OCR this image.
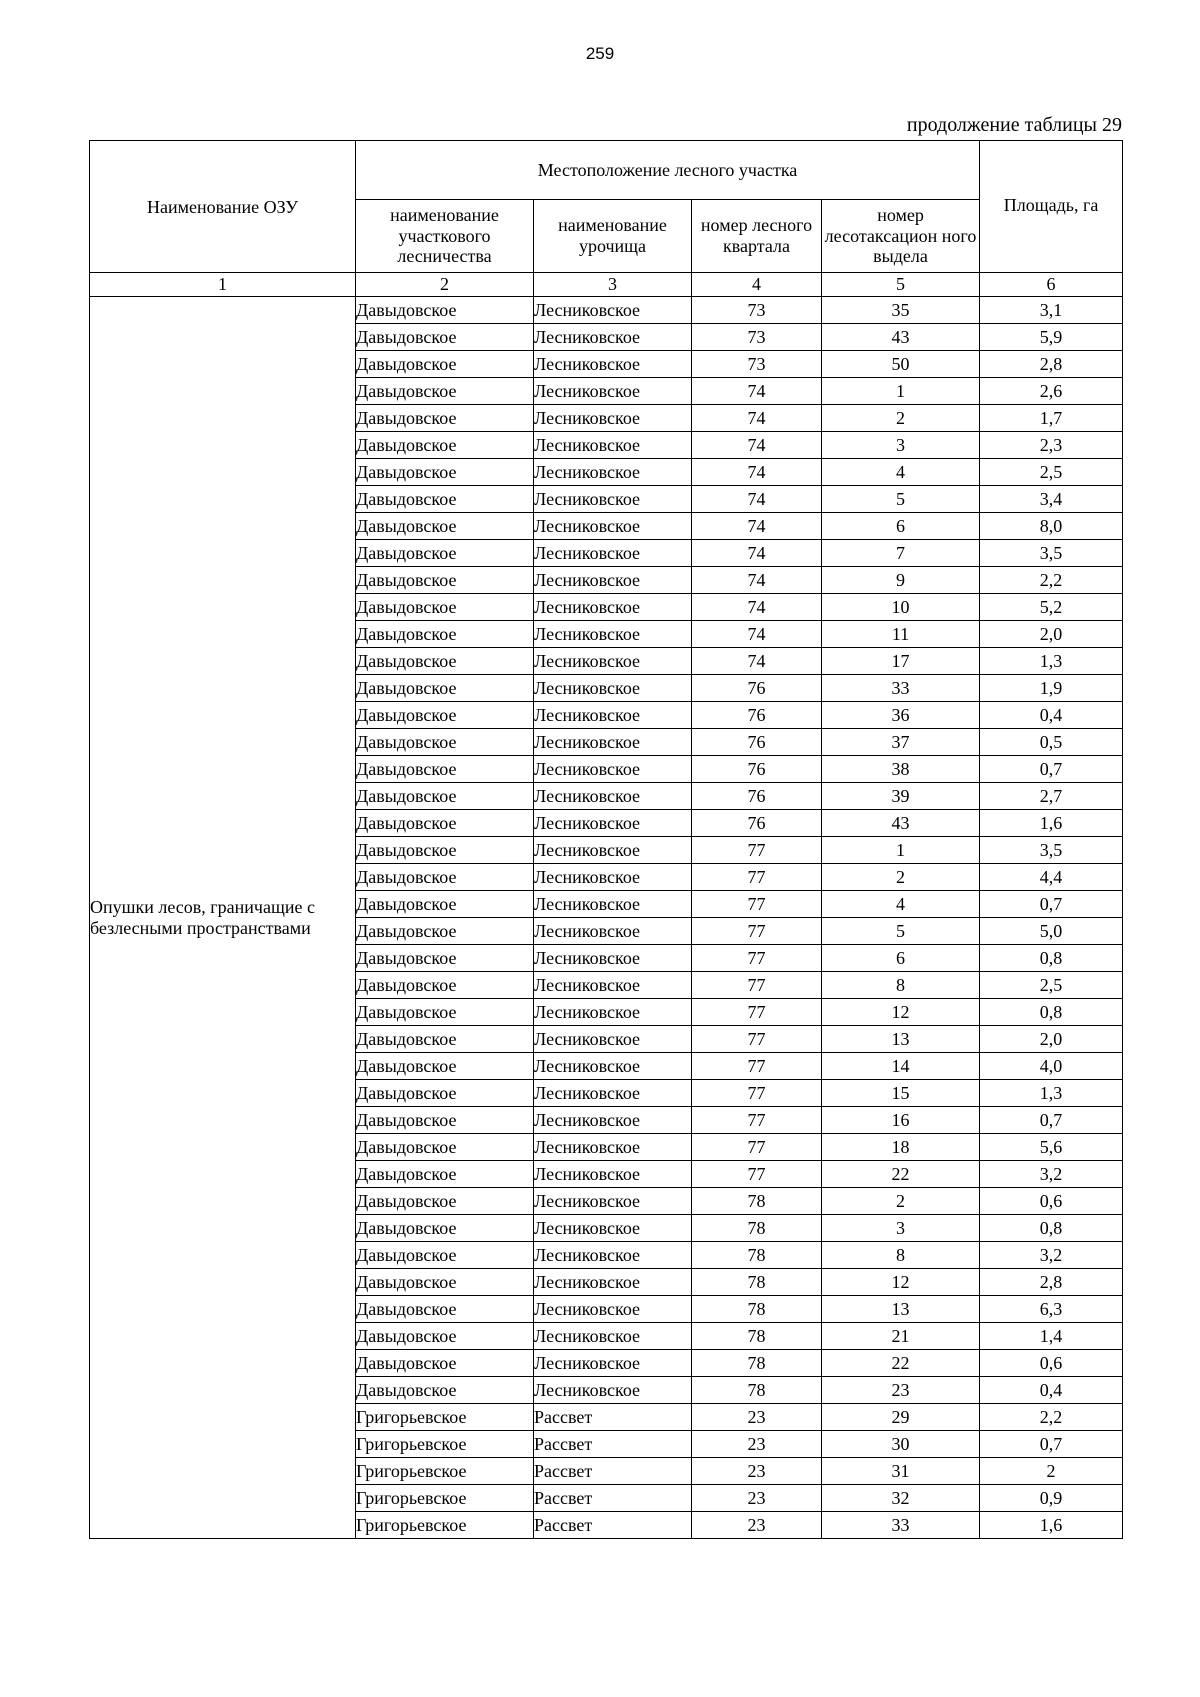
259
продолжение таблицы 29
Наименование ОЗУ	Местоположение лесного участка				Площадь, га
	наименование участкового лесничества	наименование урочища	номер лесного квартала	номер лесотаксацион ного выдела	
1	2	3	4	5	6
Опушки лесов, граничащие с безлесными пространствами	Давыдовское	Лесниковское	73	35	3,1
	Давыдовское	Лесниковское	73	43	5,9
	Давыдовское	Лесниковское	73	50	2,8
	Давыдовское	Лесниковское	74	1	2,6
	Давыдовское	Лесниковское	74	2	1,7
	Давыдовское	Лесниковское	74	3	2,3
	Давыдовское	Лесниковское	74	4	2,5
	Давыдовское	Лесниковское	74	5	3,4
	Давыдовское	Лесниковское	74	6	8,0
	Давыдовское	Лесниковское	74	7	3,5
	Давыдовское	Лесниковское	74	9	2,2
	Давыдовское	Лесниковское	74	10	5,2
	Давыдовское	Лесниковское	74	11	2,0
	Давыдовское	Лесниковское	74	17	1,3
	Давыдовское	Лесниковское	76	33	1,9
	Давыдовское	Лесниковское	76	36	0,4
	Давыдовское	Лесниковское	76	37	0,5
	Давыдовское	Лесниковское	76	38	0,7
	Давыдовское	Лесниковское	76	39	2,7
	Давыдовское	Лесниковское	76	43	1,6
	Давыдовское	Лесниковское	77	1	3,5
	Давыдовское	Лесниковское	77	2	4,4
	Давыдовское	Лесниковское	77	4	0,7
	Давыдовское	Лесниковское	77	5	5,0
	Давыдовское	Лесниковское	77	6	0,8
	Давыдовское	Лесниковское	77	8	2,5
	Давыдовское	Лесниковское	77	12	0,8
	Давыдовское	Лесниковское	77	13	2,0
	Давыдовское	Лесниковское	77	14	4,0
	Давыдовское	Лесниковское	77	15	1,3
	Давыдовское	Лесниковское	77	16	0,7
	Давыдовское	Лесниковское	77	18	5,6
	Давыдовское	Лесниковское	77	22	3,2
	Давыдовское	Лесниковское	78	2	0,6
	Давыдовское	Лесниковское	78	3	0,8
	Давыдовское	Лесниковское	78	8	3,2
	Давыдовское	Лесниковское	78	12	2,8
	Давыдовское	Лесниковское	78	13	6,3
	Давыдовское	Лесниковское	78	21	1,4
	Давыдовское	Лесниковское	78	22	0,6
	Давыдовское	Лесниковское	78	23	0,4
	Григорьевское	Рассвет	23	29	2,2
	Григорьевское	Рассвет	23	30	0,7
	Григорьевское	Рассвет	23	31	2
	Григорьевское	Рассвет	23	32	0,9
	Григорьевское	Рассвет	23	33	1,6
